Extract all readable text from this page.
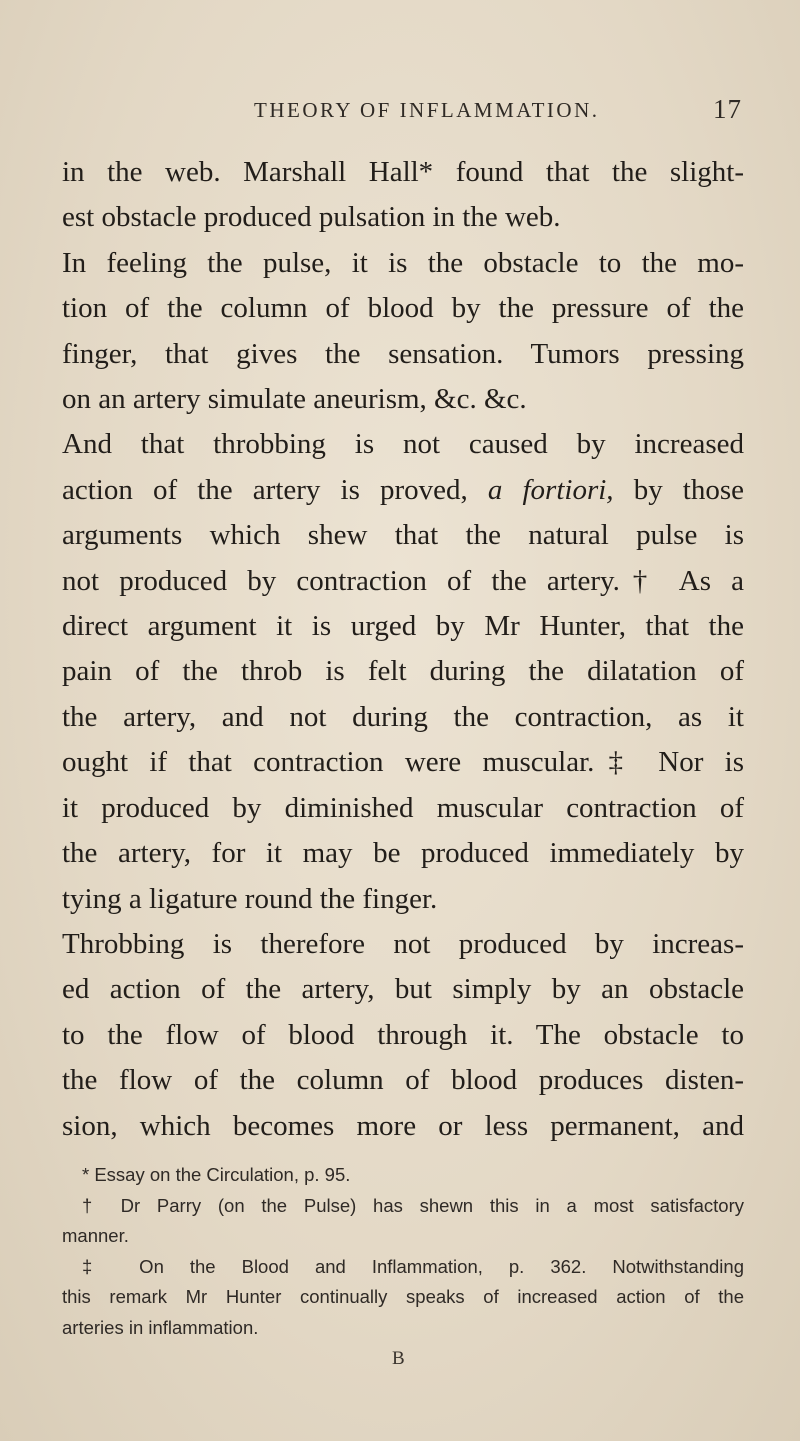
THEORY OF INFLAMMATION.	17

in the web. Marshall Hall* found that the slight-

est obstacle produced pulsation in the web.

In feeling the pulse, it is the obstacle to the mo-

tion of the column of blood by the pressure of the

finger, that gives the sensation. Tumors pressing

on an artery simulate aneurism, &c. &c.

And that throbbing is not caused by increased

action of the artery is proved, a fortiori, by those

arguments which shew that the natural pulse is

not produced by contraction of the artery.† As a

direct argument it is urged by Mr Hunter, that the

pain of the throb is felt during the dilatation of

the artery, and not during the contraction, as it

ought if that contraction were muscular.‡ Nor is

it produced by diminished muscular contraction of

the artery, for it may be produced immediately by

tying a ligature round the finger.

Throbbing is therefore not produced by increas-

ed action of the artery, but simply by an obstacle

to the flow of blood through it. The obstacle to

the flow of the column of blood produces disten-

sion, which becomes more or less permanent, and

* Essay on the Circulation, p. 95.

† Dr Parry (on the Pulse) has shewn this in a most satisfactory

manner.

‡ On the Blood and Inflammation, p. 362. Notwithstanding

this remark Mr Hunter continually speaks of increased action of the

arteries in inflammation.

B
